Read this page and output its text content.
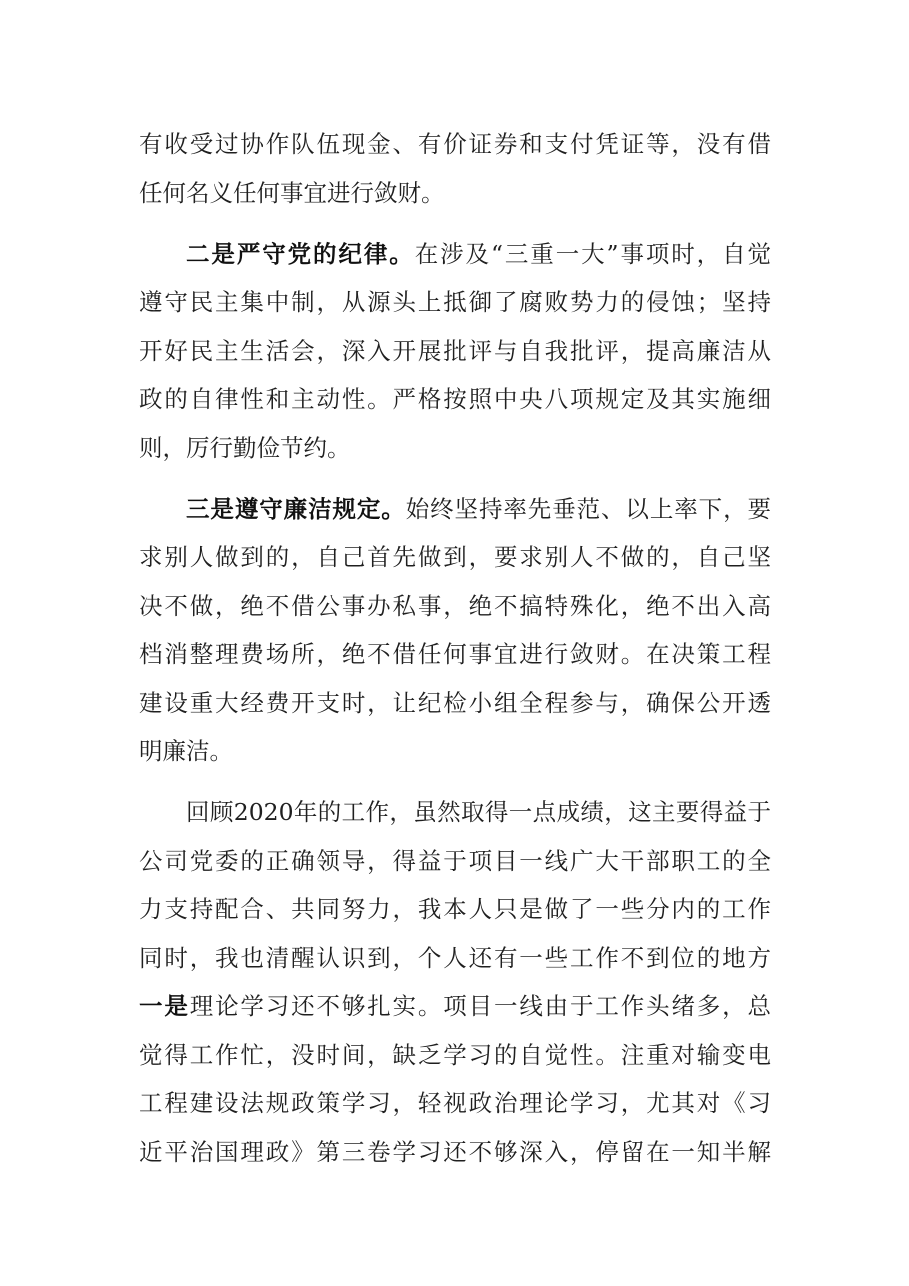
有收受过协作队伍现金、有价证券和支付凭证等，没有借
任何名义任何事宜进行敛财。
二是严守党的纪律。在涉及“三重一大”事项时，自觉
遵守民主集中制，从源头上抵御了腐败势力的侵蚀；坚持
开好民主生活会，深入开展批评与自我批评，提高廉洁从
政的自律性和主动性。严格按照中央八项规定及其实施细
则，厉行勤俭节约。
三是遵守廉洁规定。始终坚持率先垂范、以上率下，要
求别人做到的，自己首先做到，要求别人不做的，自己坚
决不做，绝不借公事办私事，绝不搞特殊化，绝不出入高
档消整理费场所，绝不借任何事宜进行敛财。在决策工程
建设重大经费开支时，让纪检小组全程参与，确保公开透
明廉洁。
回顾2020年的工作，虽然取得一点成绩，这主要得益于
公司党委的正确领导，得益于项目一线广大干部职工的全
力支持配合、共同努力，我本人只是做了一些分内的工作
同时，我也清醒认识到，个人还有一些工作不到位的地方
一是理论学习还不够扎实。项目一线由于工作头绪多，总
觉得工作忙，没时间，缺乏学习的自觉性。注重对输变电
工程建设法规政策学习，轻视政治理论学习，尤其对《习
近平治国理政》第三卷学习还不够深入，停留在一知半解
